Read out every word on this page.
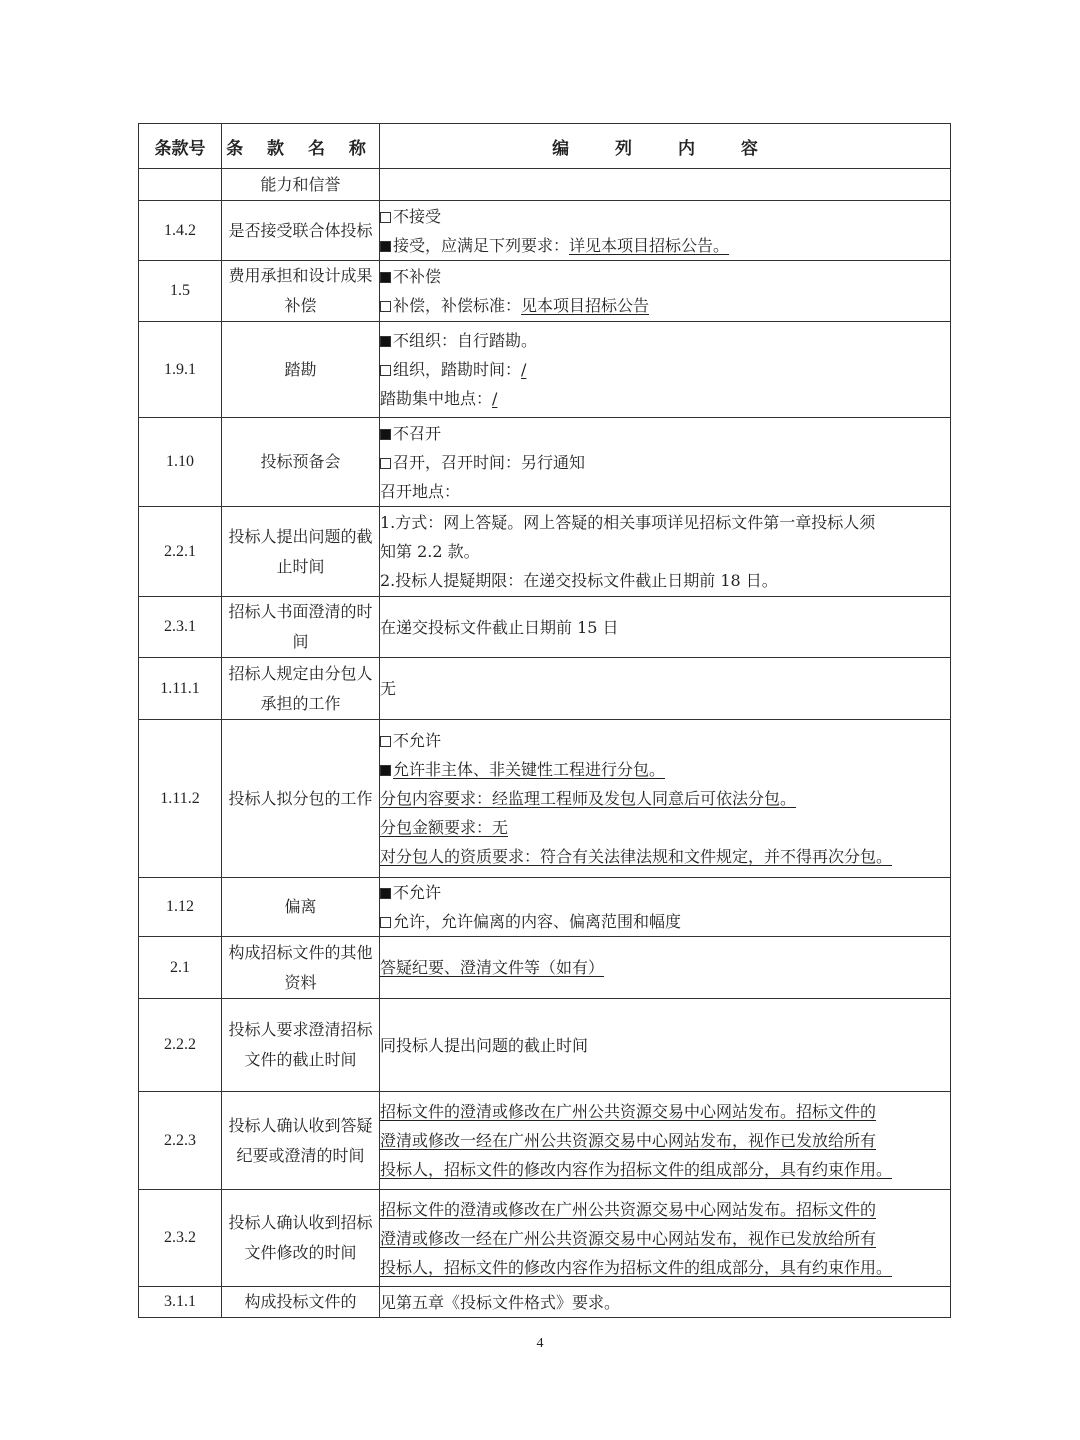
条款号	条 款 名 称	编 列 内 容
	能力和信誉	
1.4.2	是否接受联合体投标	不接受
接受，应满足下列要求：详见本项目招标公告。

1.5	费用承担和设计成果补偿	不补偿
补偿，补偿标准：见本项目招标公告

1.9.1	踏勘	不组织：自行踏勘。
组织，踏勘时间：/
踏勘集中地点：/

1.10	投标预备会	不召开
召开，召开时间：另行通知
召开地点：

2.2.1	投标人提出问题的截止时间	1.方式：网上答疑。网上答疑的相关事项详见招标文件第一章投标人须
知第 2.2 款。
2.投标人提疑期限：在递交投标文件截止日期前 18 日。

2.3.1	招标人书面澄清的时间	在递交投标文件截止日期前 15 日

1.11.1	招标人规定由分包人承担的工作	无

1.11.2	投标人拟分包的工作	不允许
允许非主体、非关键性工程进行分包。
分包内容要求：经监理工程师及发包人同意后可依法分包。
分包金额要求：无
对分包人的资质要求：符合有关法律法规和文件规定，并不得再次分包。

1.12	偏离	不允许
允许，允许偏离的内容、偏离范围和幅度

2.1	构成招标文件的其他资料	答疑纪要、澄清文件等（如有）

2.2.2	投标人要求澄清招标文件的截止时间	同投标人提出问题的截止时间

2.2.3	投标人确认收到答疑纪要或澄清的时间	招标文件的澄清或修改在广州公共资源交易中心网站发布。招标文件的
澄清或修改一经在广州公共资源交易中心网站发布，视作已发放给所有
投标人，招标文件的修改内容作为招标文件的组成部分，具有约束作用。

2.3.2	投标人确认收到招标文件修改的时间	招标文件的澄清或修改在广州公共资源交易中心网站发布。招标文件的
澄清或修改一经在广州公共资源交易中心网站发布，视作已发放给所有
投标人，招标文件的修改内容作为招标文件的组成部分，具有约束作用。

3.1.1	构成投标文件的	见第五章《投标文件格式》要求。
4
